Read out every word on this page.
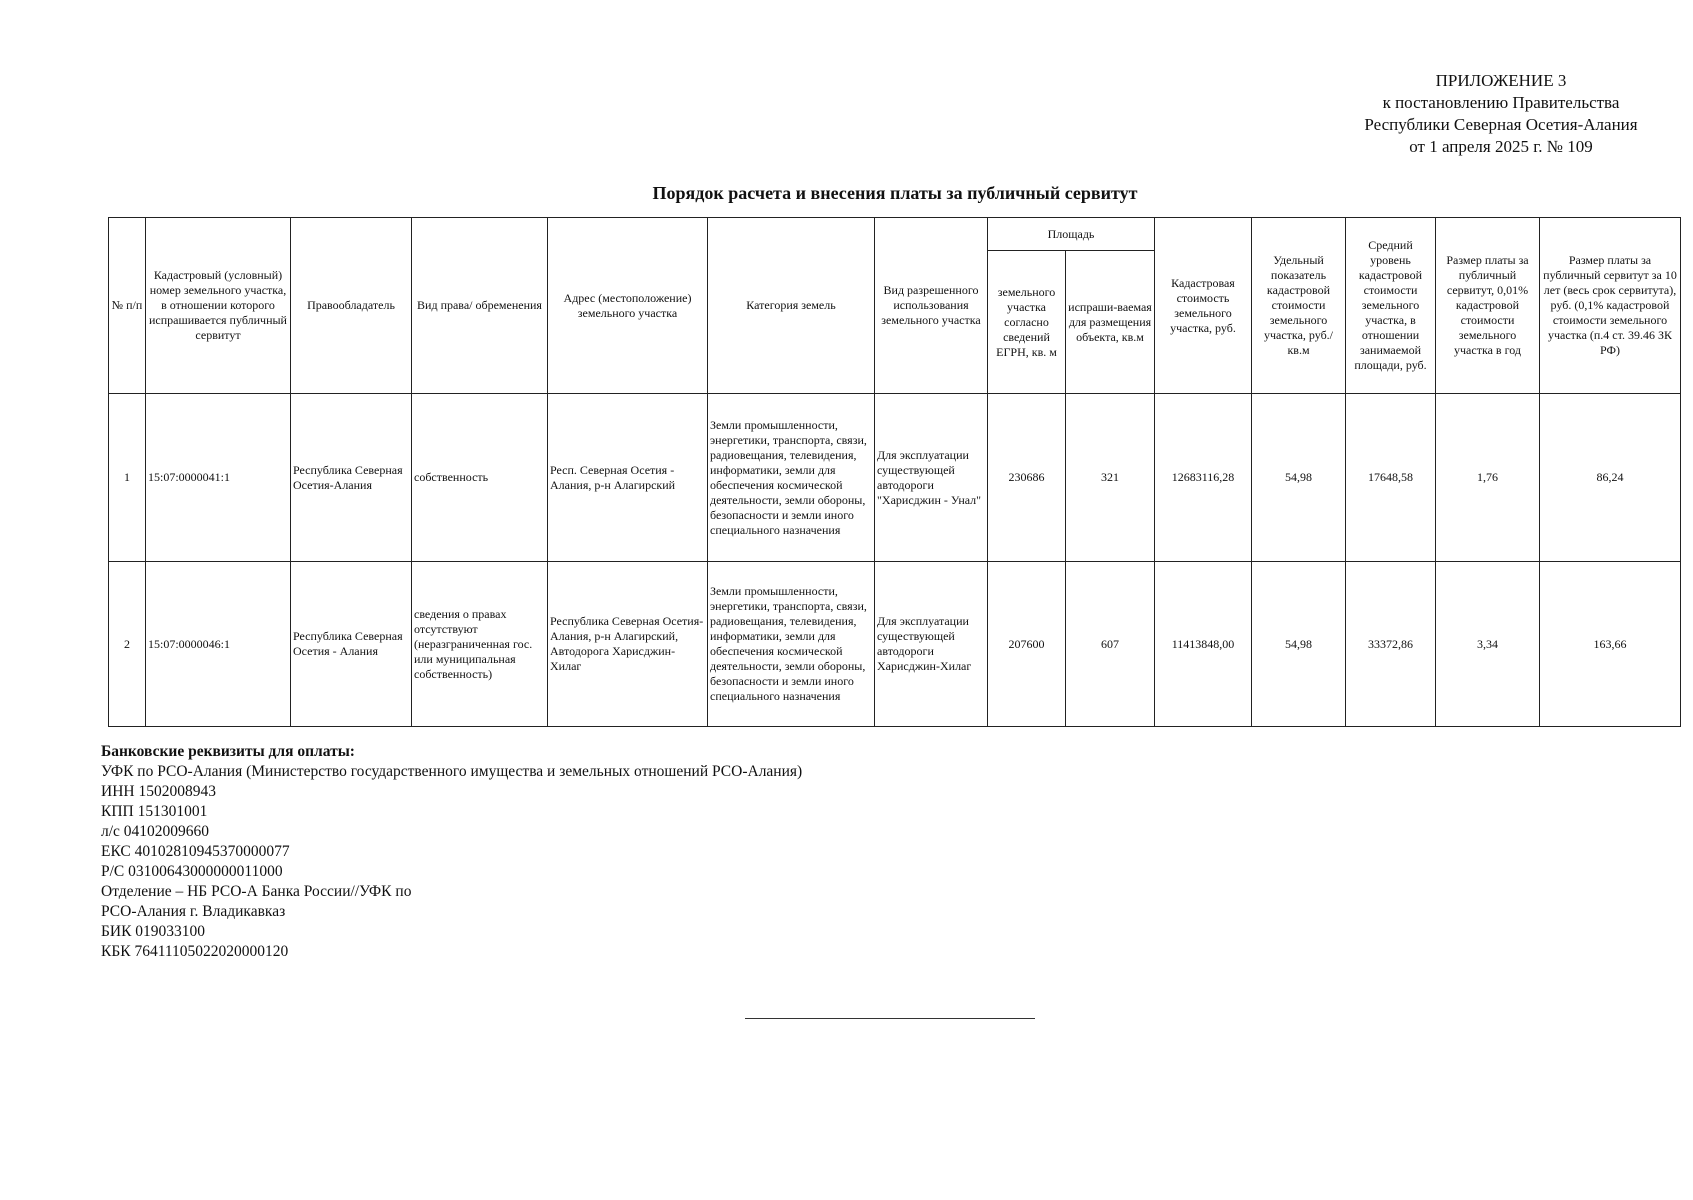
ПРИЛОЖЕНИЕ 3
к постановлению Правительства
Республики Северная Осетия-Алания
от 1 апреля 2025 г. № 109
Порядок расчета и внесения платы за публичный сервитут
№ п/п	Кадастровый (условный) номер земельного участка, в отношении которого испрашивается публичный сервитут	Правообладатель	Вид права/ обременения	Адрес (местоположение) земельного участка	Категория земель	Вид разрешенного использования земельного участка	Площадь		Кадастровая стоимость земельного участка, руб.	Удельный показатель кадастровой стоимости земельного участка, руб./кв.м	Средний уровень кадастровой стоимости земельного участка, в отношении занимаемой площади, руб.	Размер платы за публичный сервитут, 0,01% кадастровой стоимости земельного участка в год	Размер платы за публичный сервитут за 10 лет (весь срок сервитута), руб. (0,1% кадастровой стоимости земельного участка (п.4 ст. 39.46 ЗК РФ)
							земельного участка согласно сведений ЕГРН, кв. м	испраши-ваемая для размещения объекта, кв.м					
1	15:07:0000041:1	Республика Северная Осетия-Алания	собственность	Респ. Северная Осетия - Алания, р-н Алагирский	Земли промышленности, энергетики, транспорта, связи, радиовещания, телевидения, информатики, земли для обеспечения космической деятельности, земли обороны, безопасности и земли иного специального назначения	Для эксплуатации существующей автодороги "Харисджин - Унал"	230686	321	12683116,28	54,98	17648,58	1,76	86,24
2	15:07:0000046:1	Республика Северная Осетия - Алания	сведения о правах отсутствуют (неразграниченная гос. или муниципальная собственность)	Республика Северная Осетия-Алания, р-н Алагирский, Автодорога Харисджин-Хилаг	Земли промышленности, энергетики, транспорта, связи, радиовещания, телевидения, информатики, земли для обеспечения космической деятельности, земли обороны, безопасности и земли иного специального назначения	Для эксплуатации существующей автодороги Харисджин-Хилаг	207600	607	11413848,00	54,98	33372,86	3,34	163,66
Банковские реквизиты для оплаты:
УФК по РСО-Алания (Министерство государственного имущества и земельных отношений РСО-Алания)
ИНН 1502008943
КПП 151301001
л/с 04102009660
ЕКС 40102810945370000077
Р/С 03100643000000011000
Отделение – НБ РСО-А Банка России//УФК по
РСО-Алания г. Владикавказ
БИК 019033100
КБК 76411105022020000120
